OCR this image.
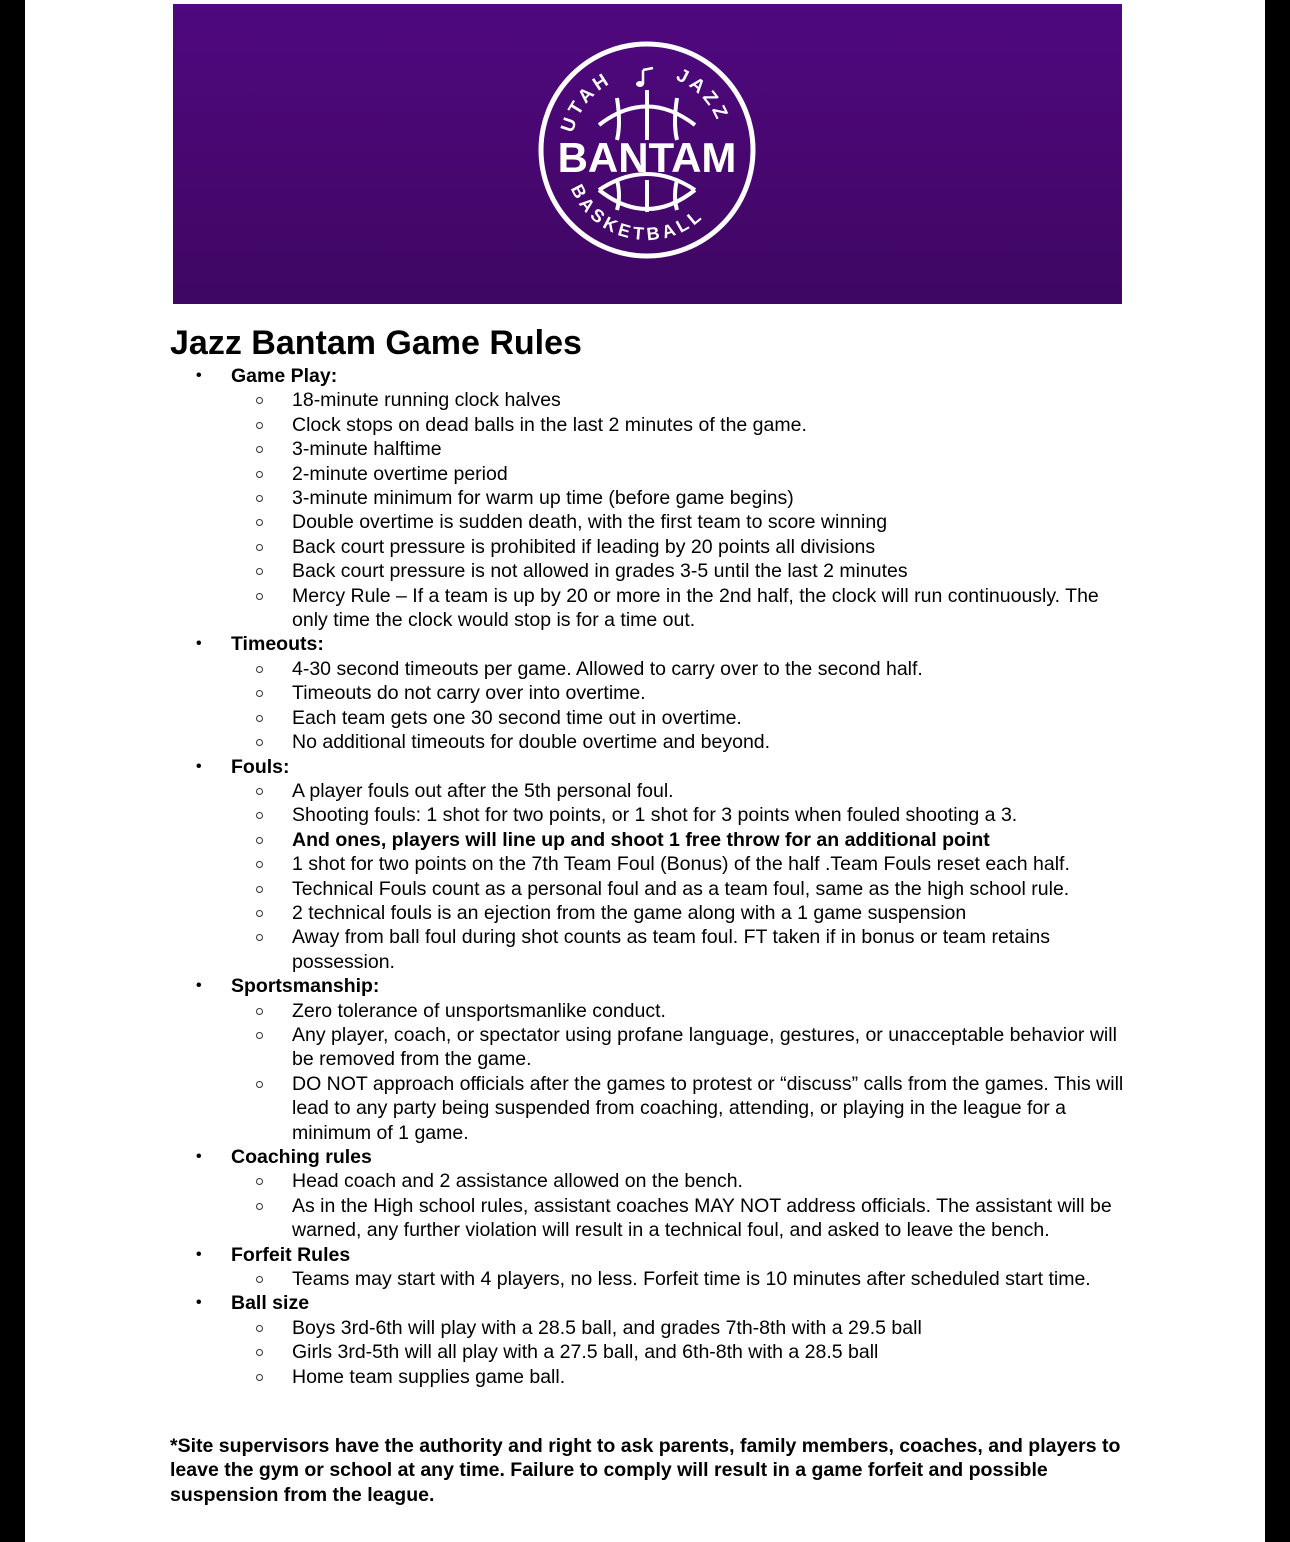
UTAH	JAZZ
BANTAM
BASKETBALL
Jazz Bantam Game Rules
• Game Play:
18-minute running clock halves
Clock stops on dead balls in the last 2 minutes of the game.
3-minute halftime
2-minute overtime period
3-minute minimum for warm up time (before game begins)
Double overtime is sudden death, with the first team to score winning
Back court pressure is prohibited if leading by 20 points all divisions
Back court pressure is not allowed in grades 3-5 until the last 2 minutes
Mercy Rule – If a team is up by 20 or more in the 2nd half, the clock will run continuously. The only time the clock would stop is for a time out.
• Timeouts:
4-30 second timeouts per game. Allowed to carry over to the second half.
Timeouts do not carry over into overtime.
Each team gets one 30 second time out in overtime.
No additional timeouts for double overtime and beyond.
• Fouls:
A player fouls out after the 5th personal foul.
Shooting fouls: 1 shot for two points, or 1 shot for 3 points when fouled shooting a 3.
And ones, players will line up and shoot 1 free throw for an additional point
1 shot for two points on the 7th Team Foul (Bonus) of the half .Team Fouls reset each half.
Technical Fouls count as a personal foul and as a team foul, same as the high school rule.
2 technical fouls is an ejection from the game along with a 1 game suspension
Away from ball foul during shot counts as team foul. FT taken if in bonus or team retains possession.
• Sportsmanship:
Zero tolerance of unsportsmanlike conduct.
Any player, coach, or spectator using profane language, gestures, or unacceptable behavior will be removed from the game.
DO NOT approach officials after the games to protest or “discuss” calls from the games. This will lead to any party being suspended from coaching, attending, or playing in the league for a minimum of 1 game.
• Coaching rules
Head coach and 2 assistance allowed on the bench.
As in the High school rules, assistant coaches MAY NOT address officials. The assistant will be warned, any further violation will result in a technical foul, and asked to leave the bench.
• Forfeit Rules
Teams may start with 4 players, no less. Forfeit time is 10 minutes after scheduled start time.
• Ball size
Boys 3rd-6th will play with a 28.5 ball, and grades 7th-8th with a 29.5 ball
Girls 3rd-5th will all play with a 27.5 ball, and 6th-8th with a 28.5 ball
Home team supplies game ball.
*Site supervisors have the authority and right to ask parents, family members, coaches, and players to leave the gym or school at any time. Failure to comply will result in a game forfeit and possible suspension from the league.
